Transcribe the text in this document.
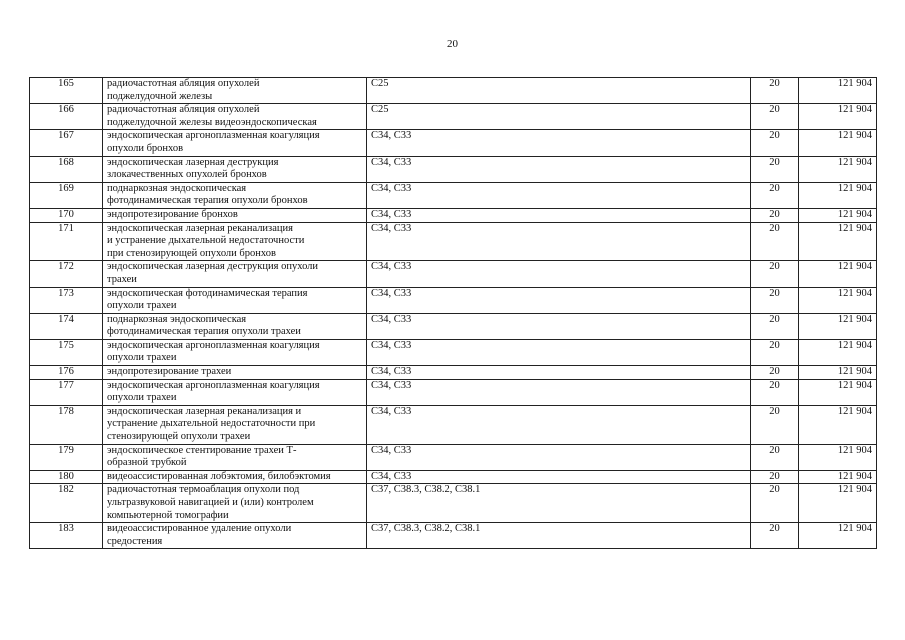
20
165	радиочастотная абляция опухолей
поджелудочной железы	C25	20	121 904
166	радиочастотная абляция опухолей
поджелудочной железы видеоэндоскопическая	C25	20	121 904
167	эндоскопическая аргоноплазменная коагуляция
опухоли бронхов	C34, C33	20	121 904
168	эндоскопическая лазерная деструкция
злокачественных опухолей бронхов	C34, C33	20	121 904
169	поднаркозная эндоскопическая
фотодинамическая терапия опухоли бронхов	C34, C33	20	121 904
170	эндопротезирование бронхов	C34, C33	20	121 904
171	эндоскопическая лазерная реканализация
и устранение дыхательной недостаточности
при стенозирующей опухоли бронхов	C34, C33	20	121 904
172	эндоскопическая лазерная деструкция опухоли
трахеи	C34, C33	20	121 904
173	эндоскопическая фотодинамическая терапия
опухоли трахеи	C34, C33	20	121 904
174	поднаркозная эндоскопическая
фотодинамическая терапия опухоли трахеи	C34, C33	20	121 904
175	эндоскопическая аргоноплазменная коагуляция
опухоли трахеи	C34, C33	20	121 904
176	эндопротезирование трахеи	C34, C33	20	121 904
177	эндоскопическая аргоноплазменная коагуляция
опухоли трахеи	C34, C33	20	121 904
178	эндоскопическая лазерная реканализация и
устранение дыхательной недостаточности при
стенозирующей опухоли трахеи	C34, C33	20	121 904
179	эндоскопическое стентирование трахеи Т-
образной трубкой	C34, C33	20	121 904
180	видеоассистированная лобэктомия, билобэктомия	C34, C33	20	121 904
182	радиочастотная термоаблация опухоли под
ультразвуковой навигацией и (или) контролем
компьютерной томографии	C37, C38.3, C38.2, C38.1	20	121 904
183	видеоассистированное удаление опухоли
средостения	C37, C38.3, C38.2, C38.1	20	121 904
